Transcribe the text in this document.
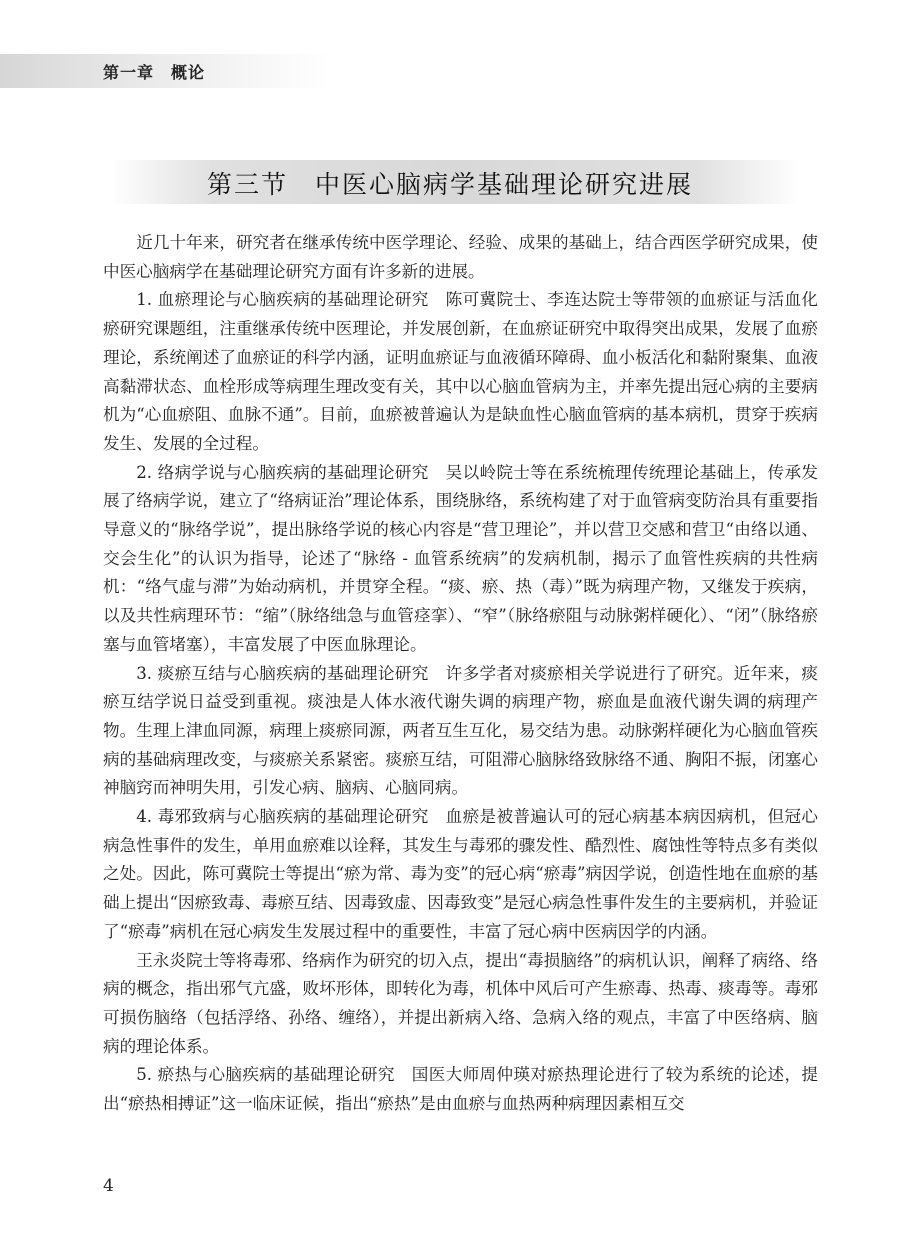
第一章　概论
第三节　中医心脑病学基础理论研究进展

近几十年来，研究者在继承传统中医学理论、经验、成果的基础上，结合西医学研究成果，使中医心脑病学在基础理论研究方面有许多新的进展。

1. 血瘀理论与心脑疾病的基础理论研究　陈可冀院士、李连达院士等带领的血瘀证与活血化瘀研究课题组，注重继承传统中医理论，并发展创新，在血瘀证研究中取得突出成果，发展了血瘀理论，系统阐述了血瘀证的科学内涵，证明血瘀证与血液循环障碍、血小板活化和黏附聚集、血液高黏滞状态、血栓形成等病理生理改变有关，其中以心脑血管病为主，并率先提出冠心病的主要病机为“心血瘀阻、血脉不通”。目前，血瘀被普遍认为是缺血性心脑血管病的基本病机，贯穿于疾病发生、发展的全过程。

2. 络病学说与心脑疾病的基础理论研究　吴以岭院士等在系统梳理传统理论基础上，传承发展了络病学说，建立了“络病证治”理论体系，围绕脉络，系统构建了对于血管病变防治具有重要指导意义的“脉络学说”，提出脉络学说的核心内容是“营卫理论”，并以营卫交感和营卫“由络以通、交会生化”的认识为指导，论述了“脉络 - 血管系统病”的发病机制，揭示了血管性疾病的共性病机：“络气虚与滞”为始动病机，并贯穿全程。“痰、瘀、热（毒）”既为病理产物，又继发于疾病，以及共性病理环节：“缩”（脉络绌急与血管痉挛）、“窄”（脉络瘀阻与动脉粥样硬化）、“闭”（脉络瘀塞与血管堵塞），丰富发展了中医血脉理论。

3. 痰瘀互结与心脑疾病的基础理论研究　许多学者对痰瘀相关学说进行了研究。近年来，痰瘀互结学说日益受到重视。痰浊是人体水液代谢失调的病理产物，瘀血是血液代谢失调的病理产物。生理上津血同源，病理上痰瘀同源，两者互生互化，易交结为患。动脉粥样硬化为心脑血管疾病的基础病理改变，与痰瘀关系紧密。痰瘀互结，可阻滞心脑脉络致脉络不通、胸阳不振，闭塞心神脑窍而神明失用，引发心病、脑病、心脑同病。

4. 毒邪致病与心脑疾病的基础理论研究　血瘀是被普遍认可的冠心病基本病因病机，但冠心病急性事件的发生，单用血瘀难以诠释，其发生与毒邪的骤发性、酷烈性、腐蚀性等特点多有类似之处。因此，陈可冀院士等提出“瘀为常、毒为变”的冠心病“瘀毒”病因学说，创造性地在血瘀的基础上提出“因瘀致毒、毒瘀互结、因毒致虚、因毒致变”是冠心病急性事件发生的主要病机，并验证了“瘀毒”病机在冠心病发生发展过程中的重要性，丰富了冠心病中医病因学的内涵。

王永炎院士等将毒邪、络病作为研究的切入点，提出“毒损脑络”的病机认识，阐释了病络、络病的概念，指出邪气亢盛，败坏形体，即转化为毒，机体中风后可产生瘀毒、热毒、痰毒等。毒邪可损伤脑络（包括浮络、孙络、缠络），并提出新病入络、急病入络的观点，丰富了中医络病、脑病的理论体系。

5. 瘀热与心脑疾病的基础理论研究　国医大师周仲瑛对瘀热理论进行了较为系统的论述，提出“瘀热相搏证”这一临床证候，指出“瘀热”是由血瘀与血热两种病理因素相互交

4
